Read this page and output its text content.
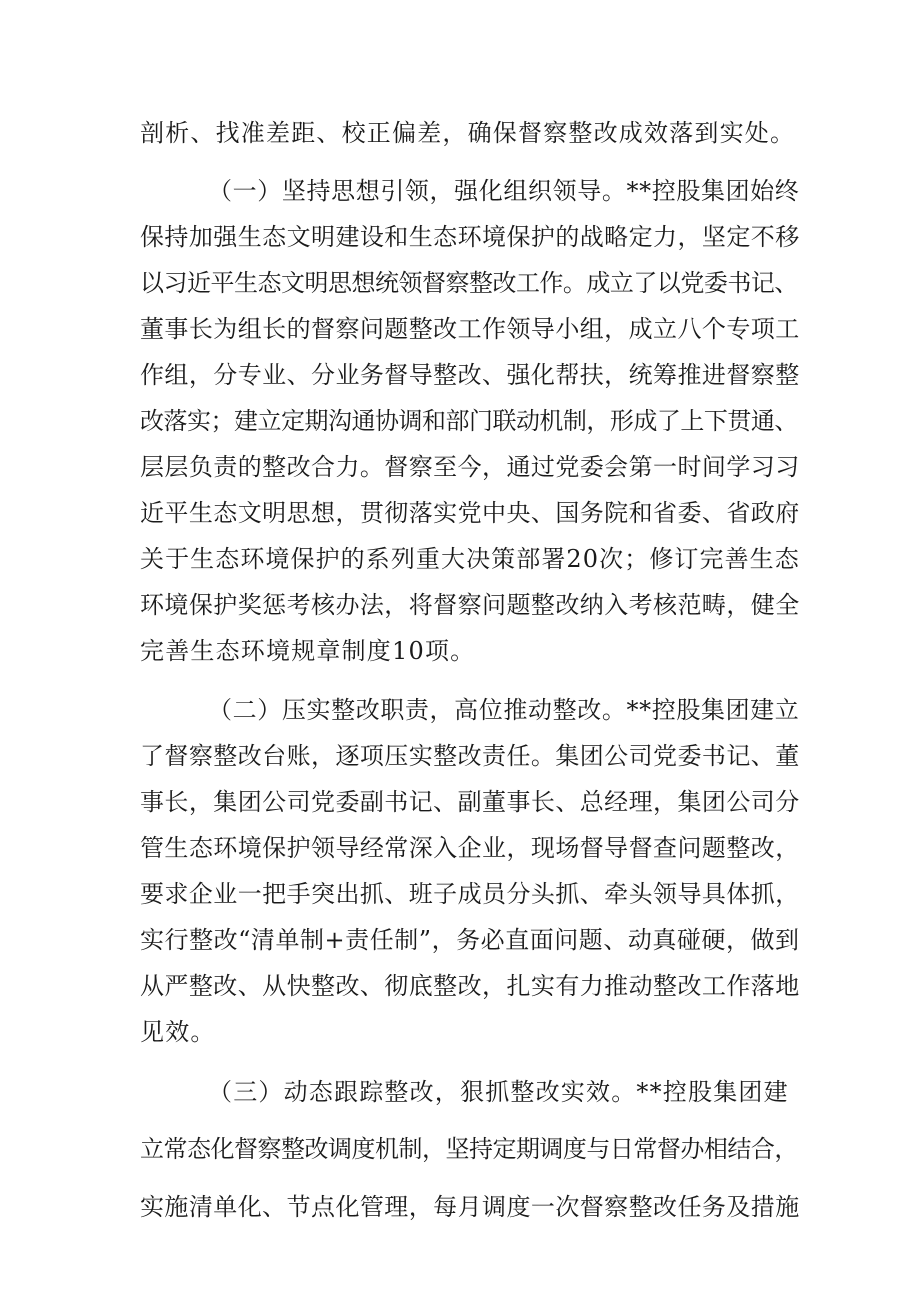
剖析、找准差距、校正偏差，确保督察整改成效落到实处。
（一）坚持思想引领，强化组织领导。**控股集团始终
保持加强生态文明建设和生态环境保护的战略定力，坚定不移
以习近平生态文明思想统领督察整改工作。成立了以党委书记、
董事长为组长的督察问题整改工作领导小组，成立八个专项工
作组，分专业、分业务督导整改、强化帮扶，统筹推进督察整
改落实；建立定期沟通协调和部门联动机制，形成了上下贯通、
层层负责的整改合力。督察至今，通过党委会第一时间学习习
近平生态文明思想，贯彻落实党中央、国务院和省委、省政府
关于生态环境保护的系列重大决策部署20次；修订完善生态
环境保护奖惩考核办法，将督察问题整改纳入考核范畴，健全
完善生态环境规章制度10项。
（二）压实整改职责，高位推动整改。**控股集团建立
了督察整改台账，逐项压实整改责任。集团公司党委书记、董
事长，集团公司党委副书记、副董事长、总经理，集团公司分
管生态环境保护领导经常深入企业，现场督导督查问题整改，
要求企业一把手突出抓、班子成员分头抓、牵头领导具体抓，
实行整改“清单制+责任制”，务必直面问题、动真碰硬，做到
从严整改、从快整改、彻底整改，扎实有力推动整改工作落地
见效。
（三）动态跟踪整改，狠抓整改实效。**控股集团建
立常态化督察整改调度机制，坚持定期调度与日常督办相结合，
实施清单化、节点化管理，每月调度一次督察整改任务及措施
